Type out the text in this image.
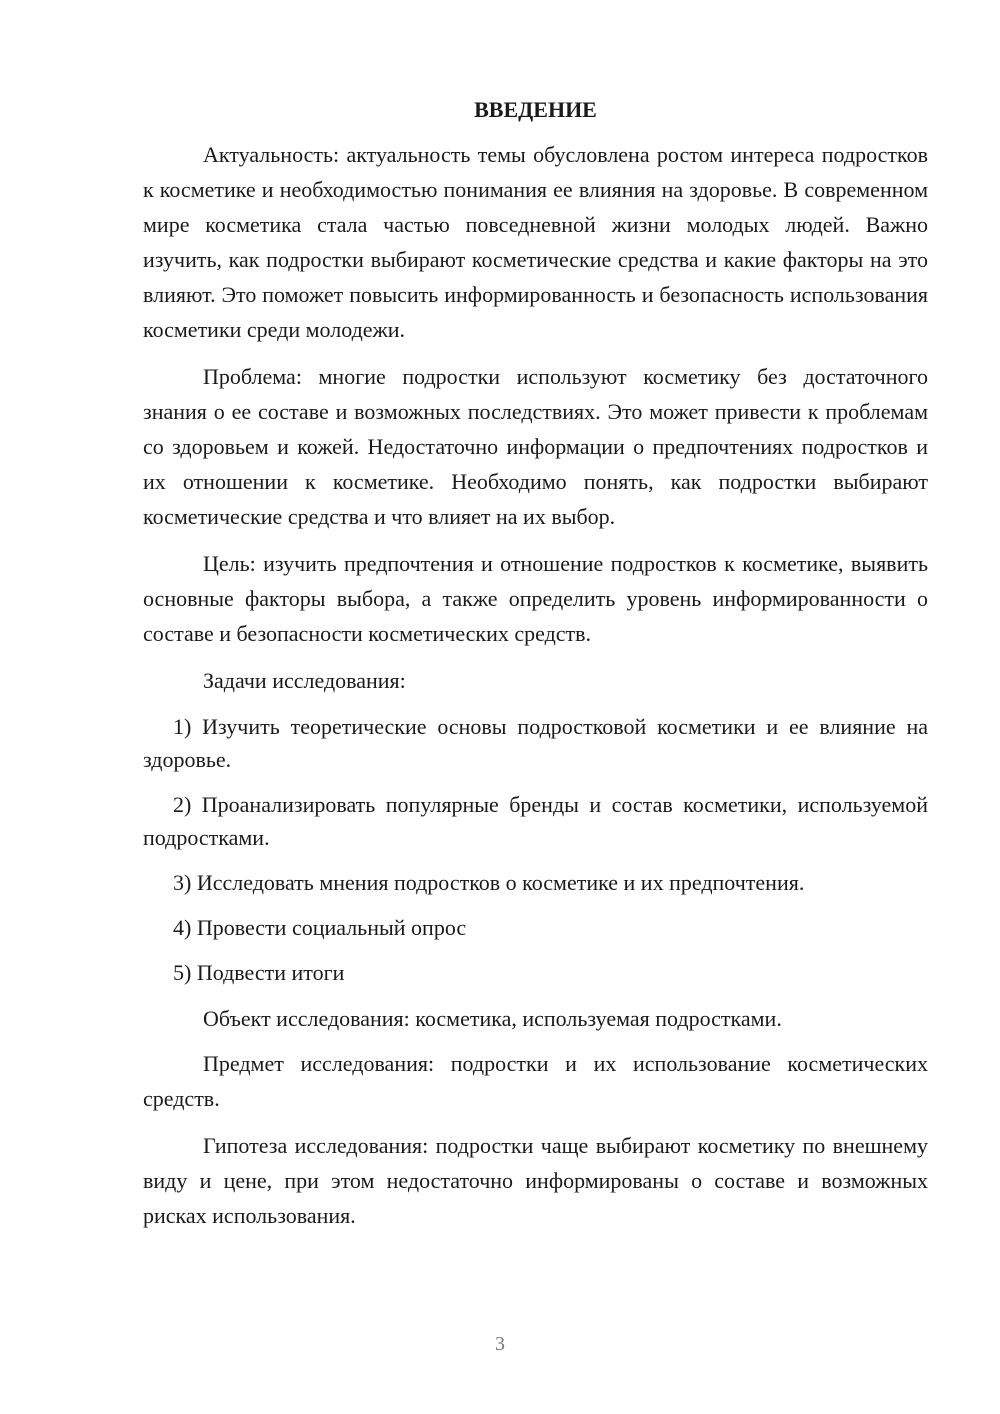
ВВЕДЕНИЕ

Актуальность: актуальность темы обусловлена ростом интереса подростков к косметике и необходимостью понимания ее влияния на здоровье. В современном мире косметика стала частью повседневной жизни молодых людей. Важно изучить, как подростки выбирают косметические средства и какие факторы на это влияют. Это поможет повысить информированность и безопасность использования косметики среди молодежи.

Проблема: многие подростки используют косметику без достаточного знания о ее составе и возможных последствиях. Это может привести к проблемам со здоровьем и кожей. Недостаточно информации о предпочтениях подростков и их отношении к косметике. Необходимо понять, как подростки выбирают косметические средства и что влияет на их выбор.

Цель: изучить предпочтения и отношение подростков к косметике, выявить основные факторы выбора, а также определить уровень информированности о составе и безопасности косметических средств.

Задачи исследования:

1) Изучить теоретические основы подростковой косметики и ее влияние на здоровье.

2) Проанализировать популярные бренды и состав косметики, используемой подростками.

3) Исследовать мнения подростков о косметике и их предпочтения.

4) Провести социальный опрос

5) Подвести итоги

Объект исследования: косметика, используемая подростками.

Предмет исследования: подростки и их использование косметических средств.

Гипотеза исследования: подростки чаще выбирают косметику по внешнему виду и цене, при этом недостаточно информированы о составе и возможных рисках использования.

3
